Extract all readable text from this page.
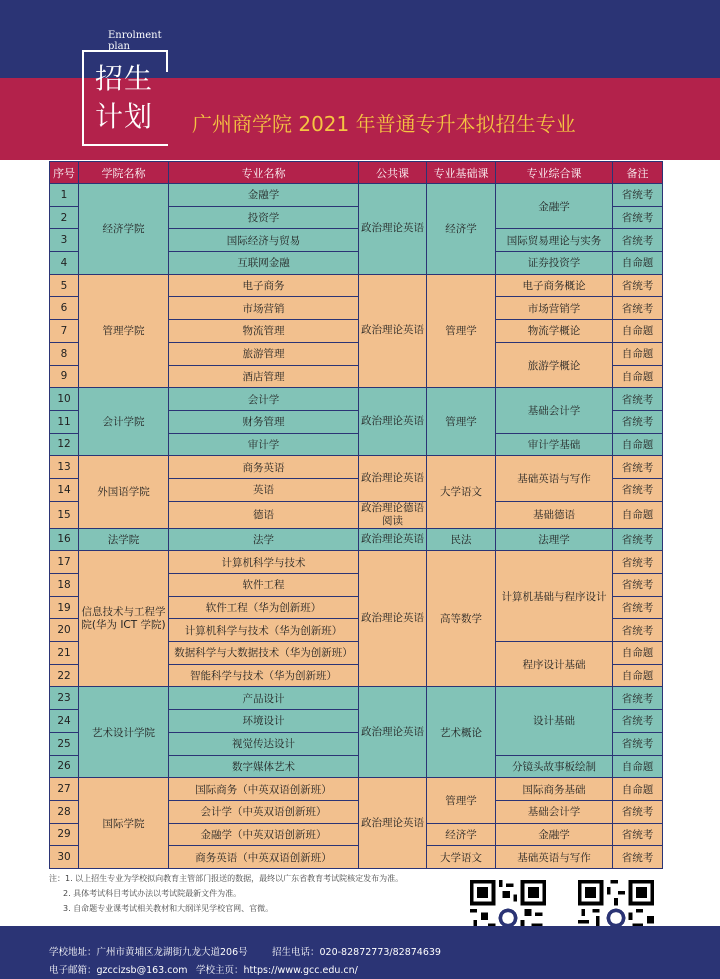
Enrolment
plan
招生
计划	广州商学院 2021 年普通专升本拟招生专业
序号	学院名称	专业名称	公共课	专业基础课	专业综合课	备注
1	经济学院	金融学	政治理论英语	经济学	金融学	省统考
2		投资学				省统考
3		国际经济与贸易			国际贸易理论与实务	省统考
4		互联网金融			证券投资学	自命题
5	管理学院	电子商务	政治理论英语	管理学	电子商务概论	省统考
6		市场营销			市场营销学	省统考
7		物流管理			物流学概论	自命题
8		旅游管理			旅游学概论	自命题
9		酒店管理				自命题
10	会计学院	会计学	政治理论英语	管理学	基础会计学	省统考
11		财务管理				省统考
12		审计学			审计学基础	自命题
13	外国语学院	商务英语	政治理论英语	大学语文	基础英语与写作	省统考
14		英语				省统考
15		德语	政治理论德语阅读		基础德语	自命题
16	法学院	法学	政治理论英语	民法	法理学	省统考
17	信息技术与工程学院(华为 ICT 学院)	计算机科学与技术	政治理论英语	高等数学	计算机基础与程序设计	省统考
18		软件工程				省统考
19		软件工程（华为创新班）				省统考
20		计算机科学与技术（华为创新班）				省统考
21		数据科学与大数据技术（华为创新班）			程序设计基础	自命题
22		智能科学与技术（华为创新班）				自命题
23	艺术设计学院	产品设计	政治理论英语	艺术概论	设计基础	省统考
24		环境设计				省统考
25		视觉传达设计				省统考
26		数字媒体艺术			分镜头故事板绘制	自命题
27	国际学院	国际商务（中英双语创新班）	政治理论英语	管理学	国际商务基础	自命题
28		会计学（中英双语创新班）			基础会计学	省统考
29		金融学（中英双语创新班）		经济学	金融学	省统考
30		商务英语（中英双语创新班）		大学语文	基础英语与写作	省统考
注：1. 以上招生专业为学校拟向教育主管部门报送的数据，最终以广东省教育考试院核定发布为准。
2. 具体考试科目考试办法以考试院最新文件为准。
3. 自命题专业课考试相关教材和大纲详见学校官网、官微。
学校地址：广州市黄埔区龙湖街九龙大道206号	招生电话：020-82872773/82874639
电子邮箱：gzccizsb@163.com 学校主页：https://www.gcc.edu.cn/
